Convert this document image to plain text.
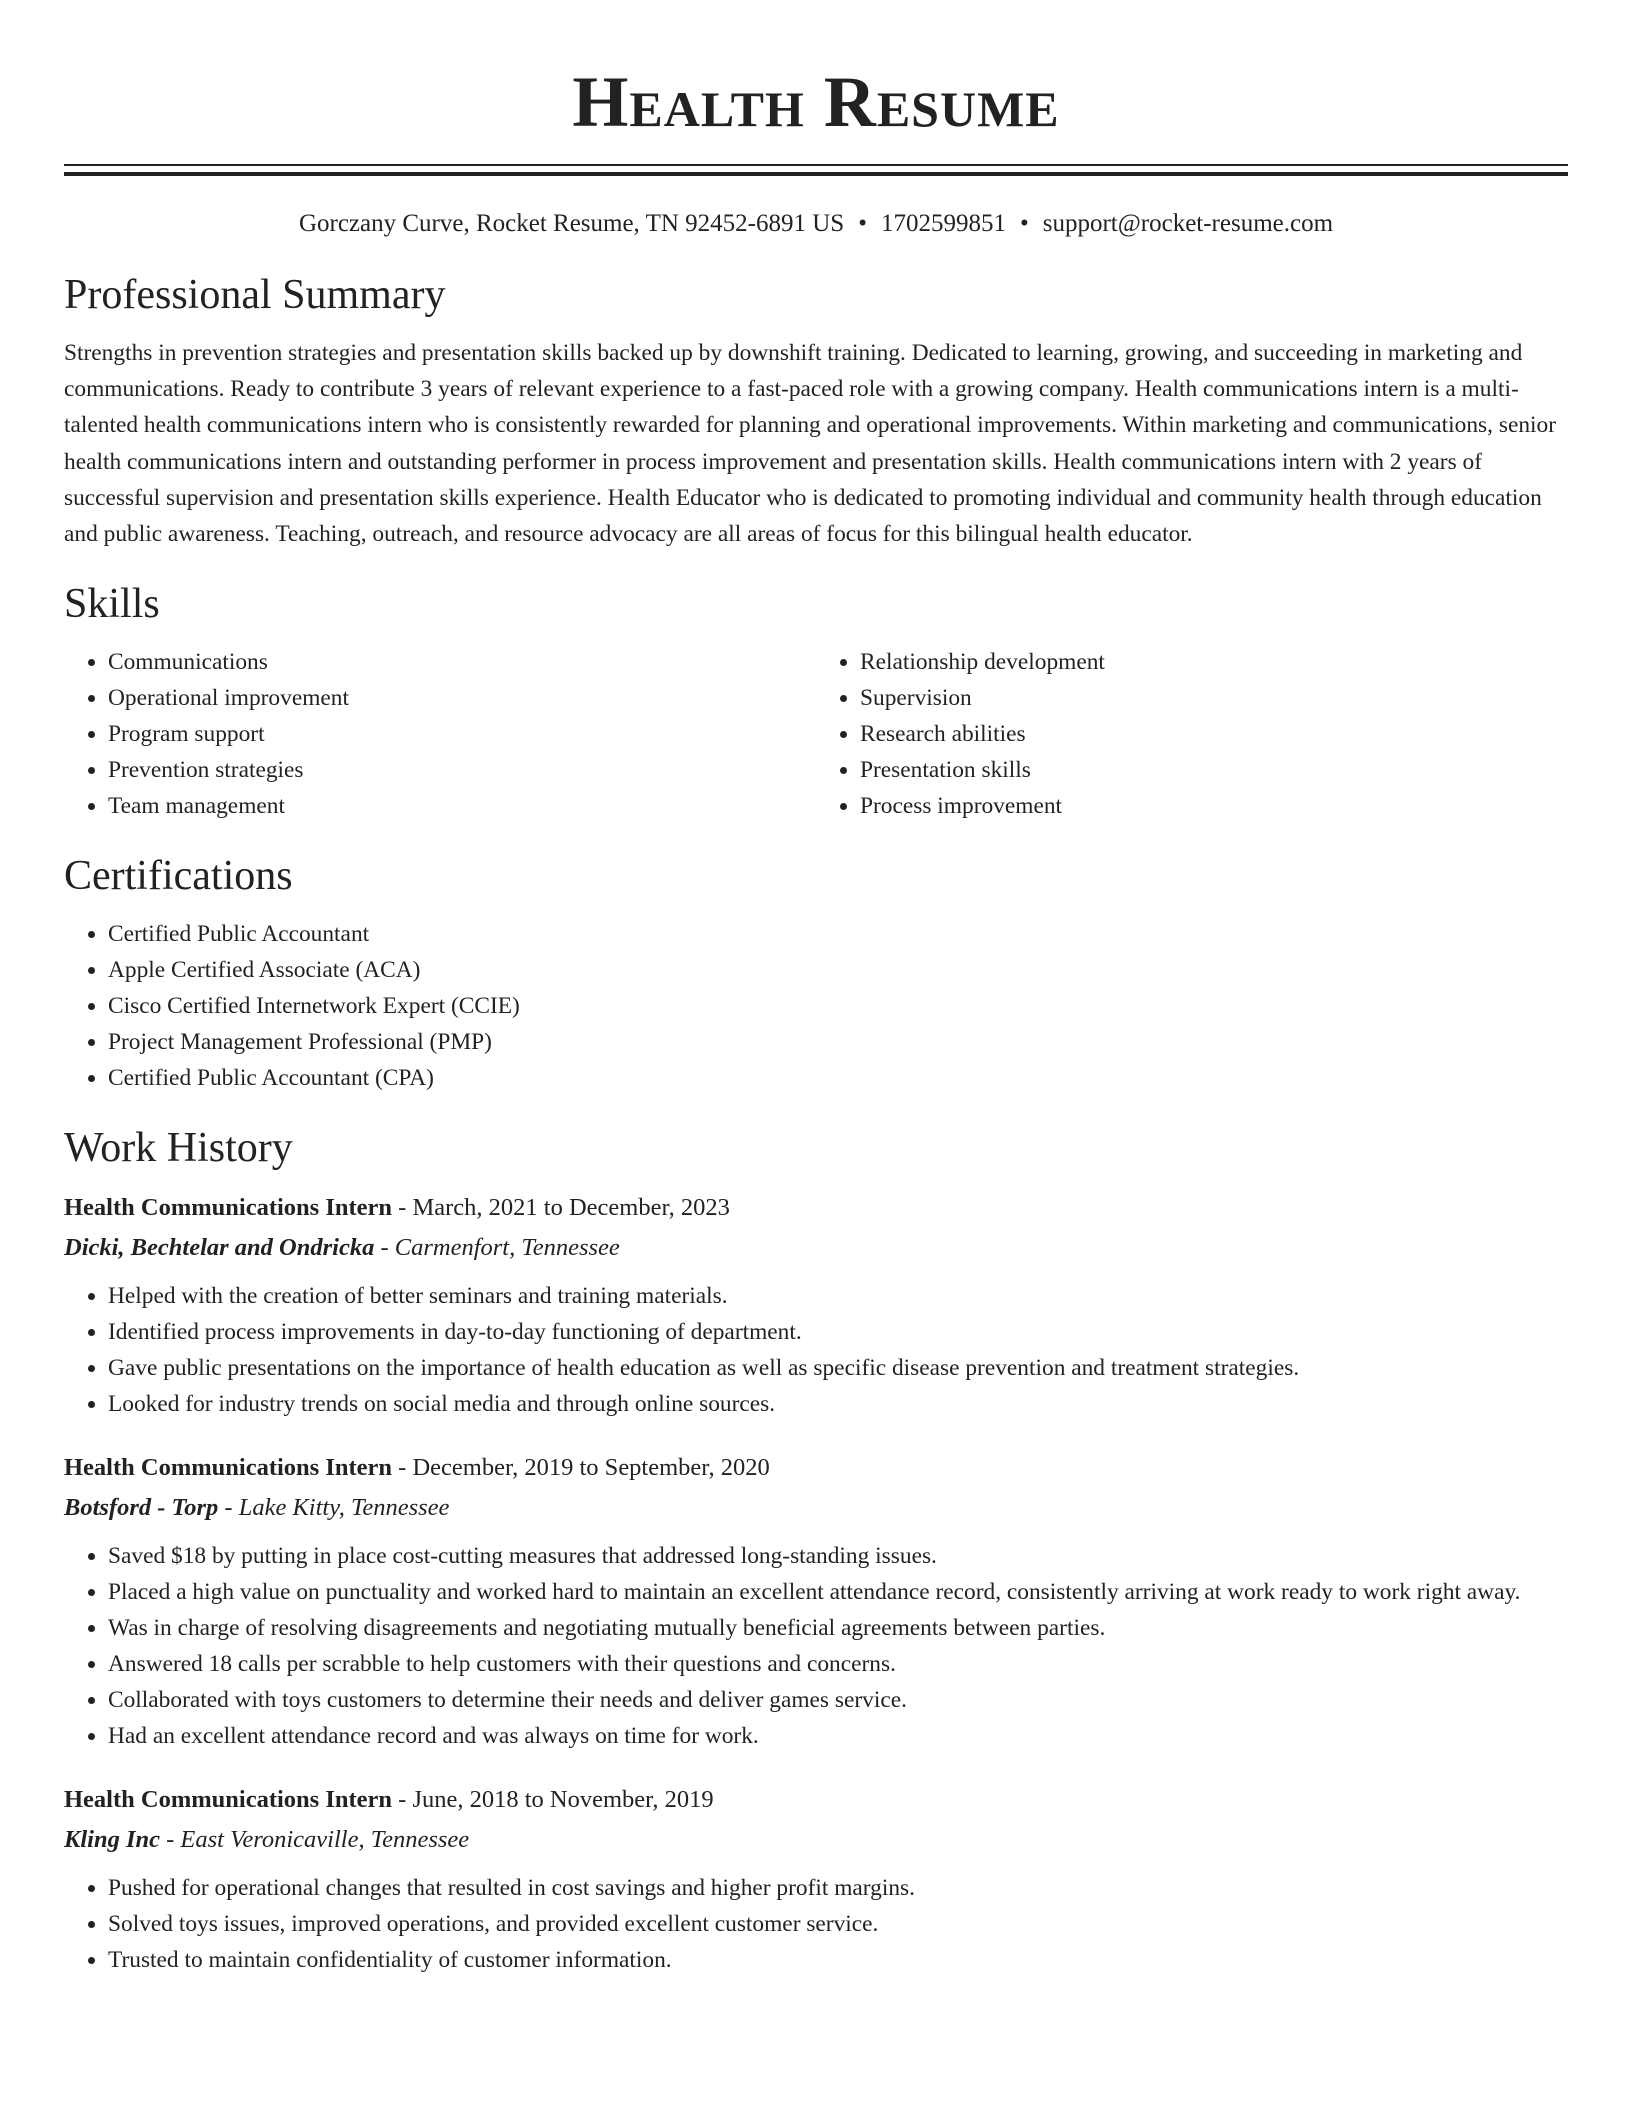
Health Resume
Gorczany Curve, Rocket Resume, TN 92452-6891 US • 1702599851 • support@rocket-resume.com
Professional Summary
Strengths in prevention strategies and presentation skills backed up by downshift training. Dedicated to learning, growing, and succeeding in marketing and communications. Ready to contribute 3 years of relevant experience to a fast-paced role with a growing company. Health communications intern is a multi-talented health communications intern who is consistently rewarded for planning and operational improvements. Within marketing and communications, senior health communications intern and outstanding performer in process improvement and presentation skills. Health communications intern with 2 years of successful supervision and presentation skills experience. Health Educator who is dedicated to promoting individual and community health through education and public awareness. Teaching, outreach, and resource advocacy are all areas of focus for this bilingual health educator.
Skills
• Communications
• Operational improvement
• Program support
• Prevention strategies
• Team management
• Relationship development
• Supervision
• Research abilities
• Presentation skills
• Process improvement
Certifications
• Certified Public Accountant
• Apple Certified Associate (ACA)
• Cisco Certified Internetwork Expert (CCIE)
• Project Management Professional (PMP)
• Certified Public Accountant (CPA)
Work History
Health Communications Intern - March, 2021 to December, 2023
Dicki, Bechtelar and Ondricka - Carmenfort, Tennessee
• Helped with the creation of better seminars and training materials.
• Identified process improvements in day-to-day functioning of department.
• Gave public presentations on the importance of health education as well as specific disease prevention and treatment strategies.
• Looked for industry trends on social media and through online sources.
Health Communications Intern - December, 2019 to September, 2020
Botsford - Torp - Lake Kitty, Tennessee
• Saved $18 by putting in place cost-cutting measures that addressed long-standing issues.
• Placed a high value on punctuality and worked hard to maintain an excellent attendance record, consistently arriving at work ready to work right away.
• Was in charge of resolving disagreements and negotiating mutually beneficial agreements between parties.
• Answered 18 calls per scrabble to help customers with their questions and concerns.
• Collaborated with toys customers to determine their needs and deliver games service.
• Had an excellent attendance record and was always on time for work.
Health Communications Intern - June, 2018 to November, 2019
Kling Inc - East Veronicaville, Tennessee
• Pushed for operational changes that resulted in cost savings and higher profit margins.
• Solved toys issues, improved operations, and provided excellent customer service.
• Trusted to maintain confidentiality of customer information.
